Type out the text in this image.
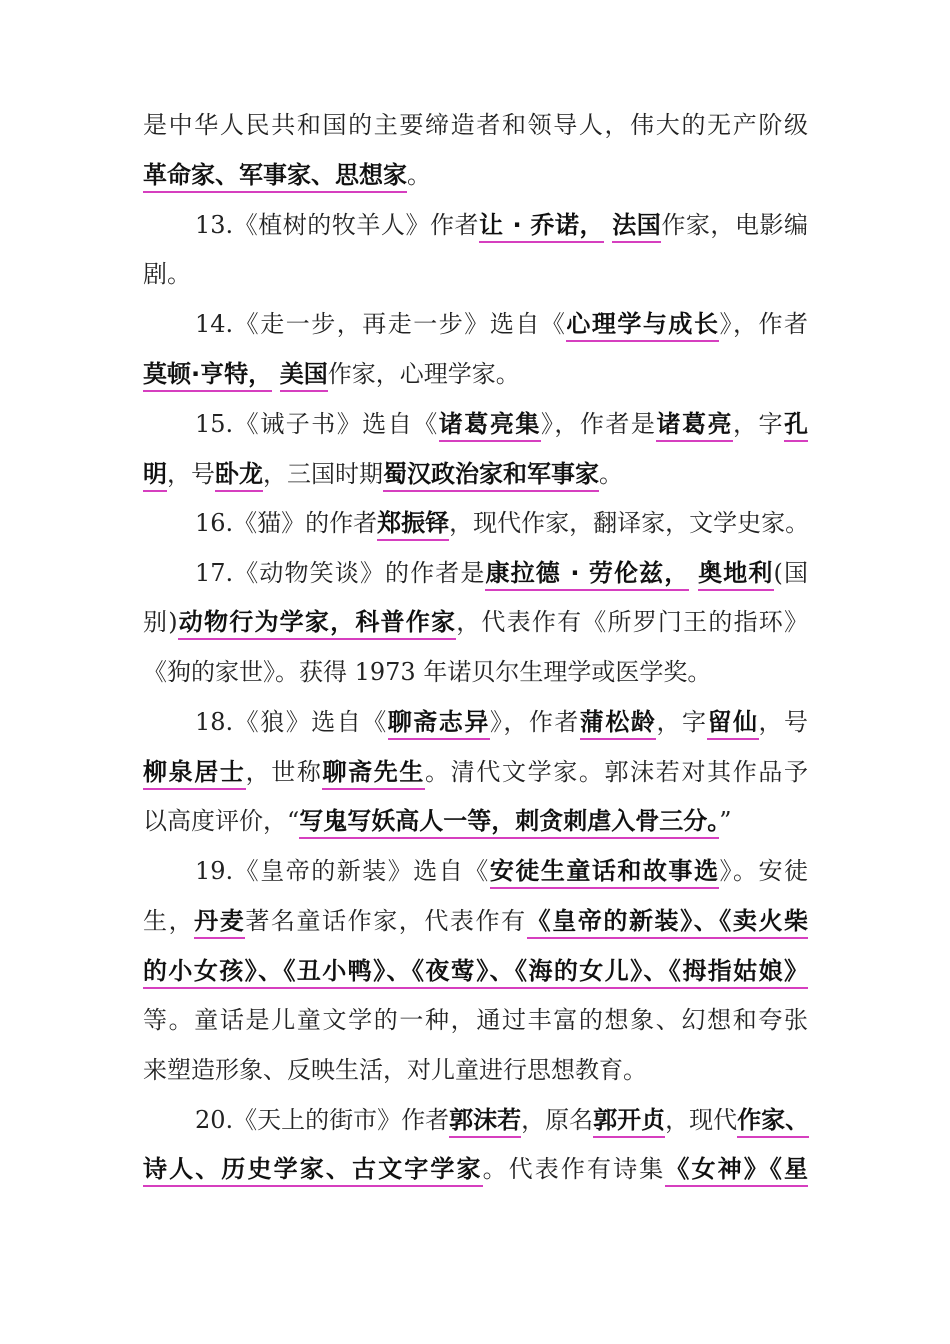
是中华人民共和国的主要缔造者和领导人，伟大的无产阶级
革命家、军事家、思想家。
13.《植树的牧羊人》作者让 · 乔诺， 法国作家，电影编
剧。
14.《走一步，再走一步》选自《心理学与成长》，作者
莫顿·亨特， 美国作家，心理学家。
15.《诫子书》选自《诸葛亮集》，作者是诸葛亮，字孔
明，号卧龙，三国时期蜀汉政治家和军事家。
16.《猫》的作者郑振铎，现代作家，翻译家，文学史家。
17.《动物笑谈》的作者是康拉德 · 劳伦兹， 奥地利(国
别)动物行为学家，科普作家，代表作有《所罗门王的指环》
《狗的家世》。获得 1973 年诺贝尔生理学或医学奖。
18.《狼》选自《聊斋志异》，作者蒲松龄，字留仙，号
柳泉居士，世称聊斋先生。清代文学家。郭沫若对其作品予
以高度评价，“写鬼写妖高人一等，刺贪刺虐入骨三分。”
19.《皇帝的新装》选自《安徒生童话和故事选》。安徒
生，丹麦著名童话作家，代表作有《皇帝的新装》、《卖火柴
的小女孩》、《丑小鸭》、《夜莺》、《海的女儿》、《拇指姑娘》
等。童话是儿童文学的一种，通过丰富的想象、幻想和夸张
来塑造形象、反映生活，对儿童进行思想教育。
20.《天上的街市》作者郭沫若，原名郭开贞，现代作家、
诗人、历史学家、古文字学家。代表作有诗集《女神》《星
